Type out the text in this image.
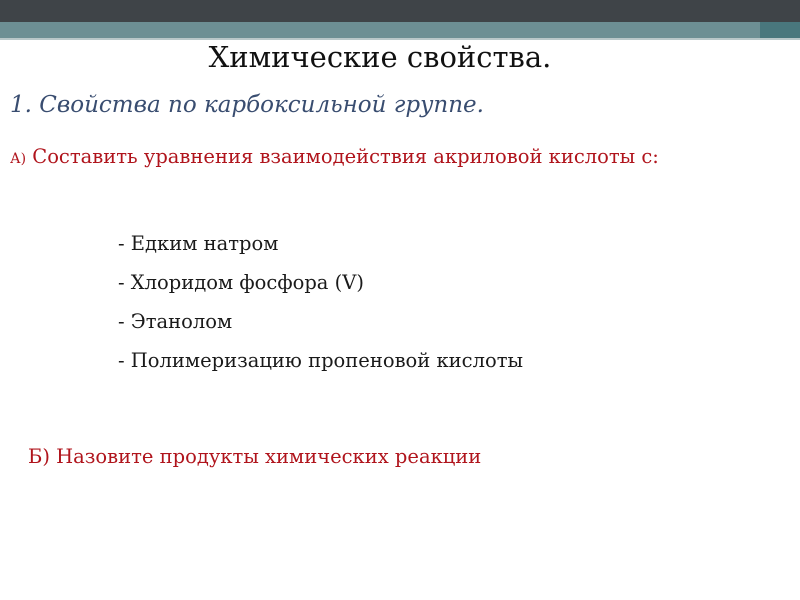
Химические свойства.
1. Свойства по карбоксильной группе.
А) Составить уравнения взаимодействия акриловой кислоты с:
- Едким натром
- Хлоридом фосфора (V)
- Этанолом
- Полимеризацию пропеновой кислоты
Б) Назовите продукты химических реакции
